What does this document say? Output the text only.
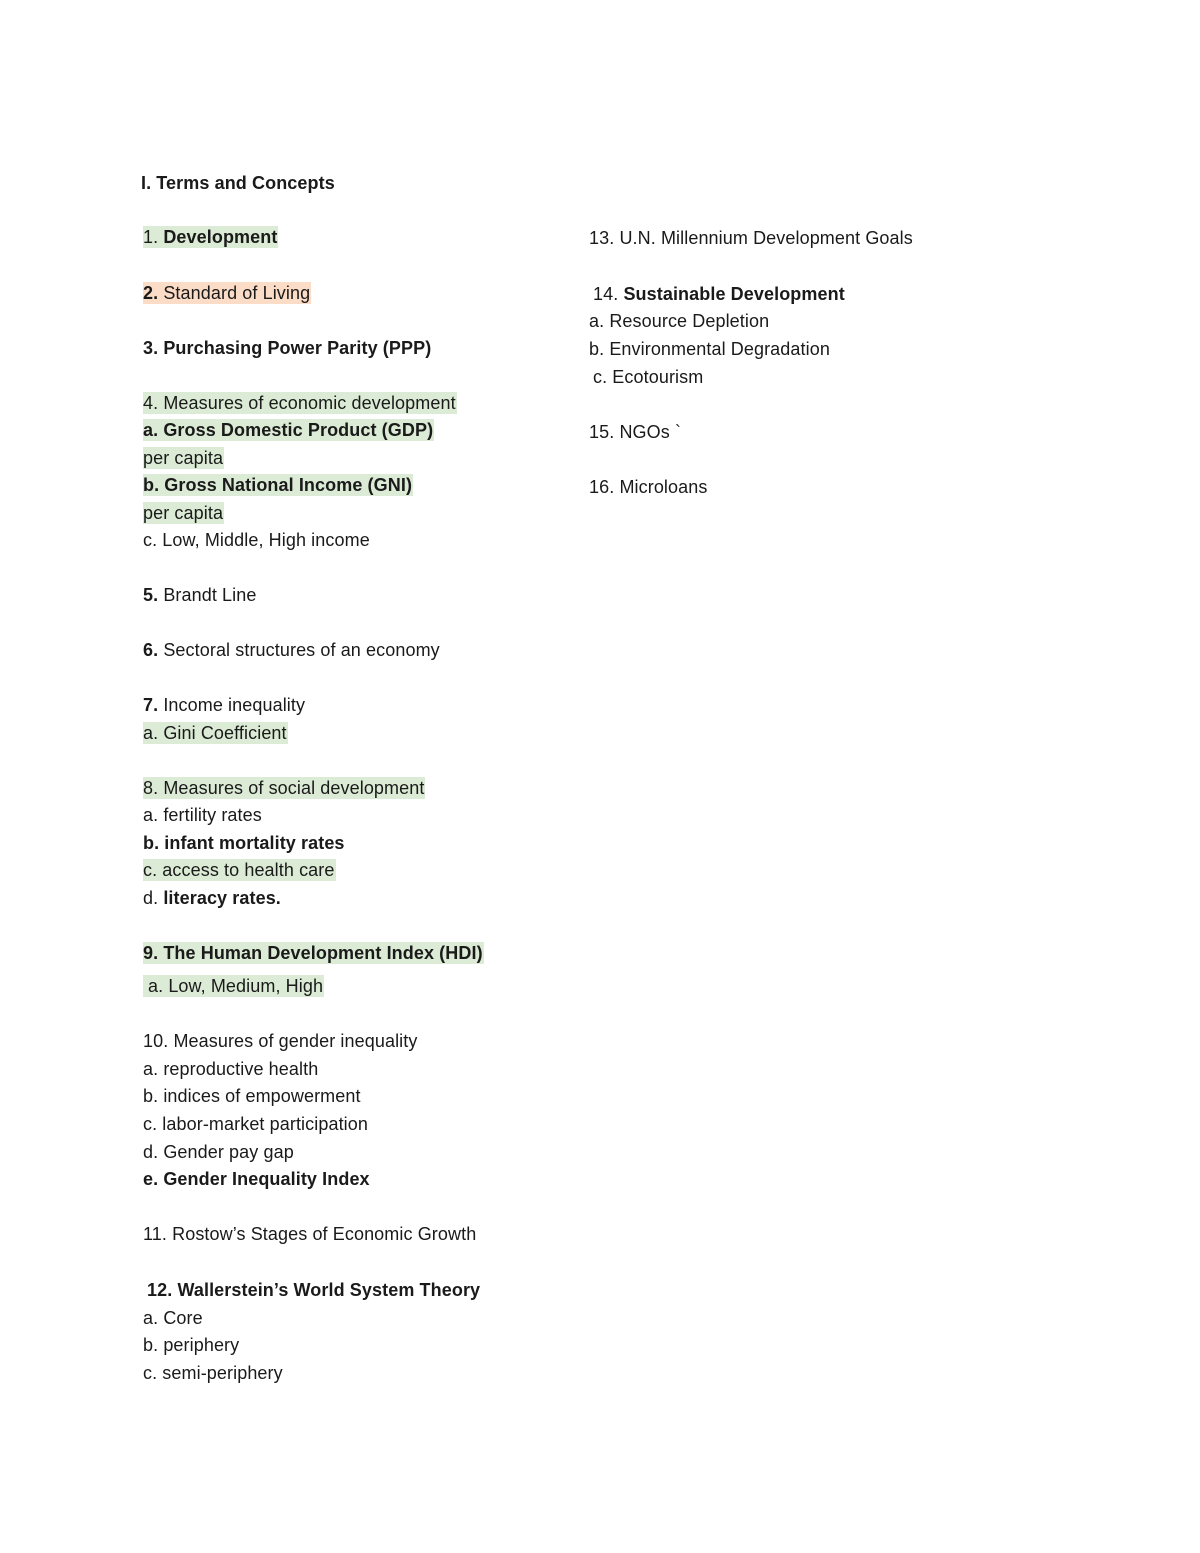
I. Terms and Concepts
1. Development
2. Standard of Living
3. Purchasing Power Parity (PPP)
4. Measures of economic development
a. Gross Domestic Product (GDP)
per capita
b. Gross National Income (GNI)
per capita
c. Low, Middle, High income
5. Brandt Line
6. Sectoral structures of an economy
7. Income inequality
a. Gini Coefficient
8. Measures of social development
a. fertility rates
b. infant mortality rates
c. access to health care
d. literacy rates.
9. The Human Development Index (HDI)
a. Low, Medium, High
10. Measures of gender inequality
a. reproductive health
b. indices of empowerment
c. labor-market participation
d. Gender pay gap
e. Gender Inequality Index
11. Rostow’s Stages of Economic Growth
12. Wallerstein’s World System Theory
a. Core
b. periphery
c. semi-periphery
13. U.N. Millennium Development Goals
14. Sustainable Development
a. Resource Depletion
b. Environmental Degradation
c. Ecotourism
15. NGOs `
16. Microloans
